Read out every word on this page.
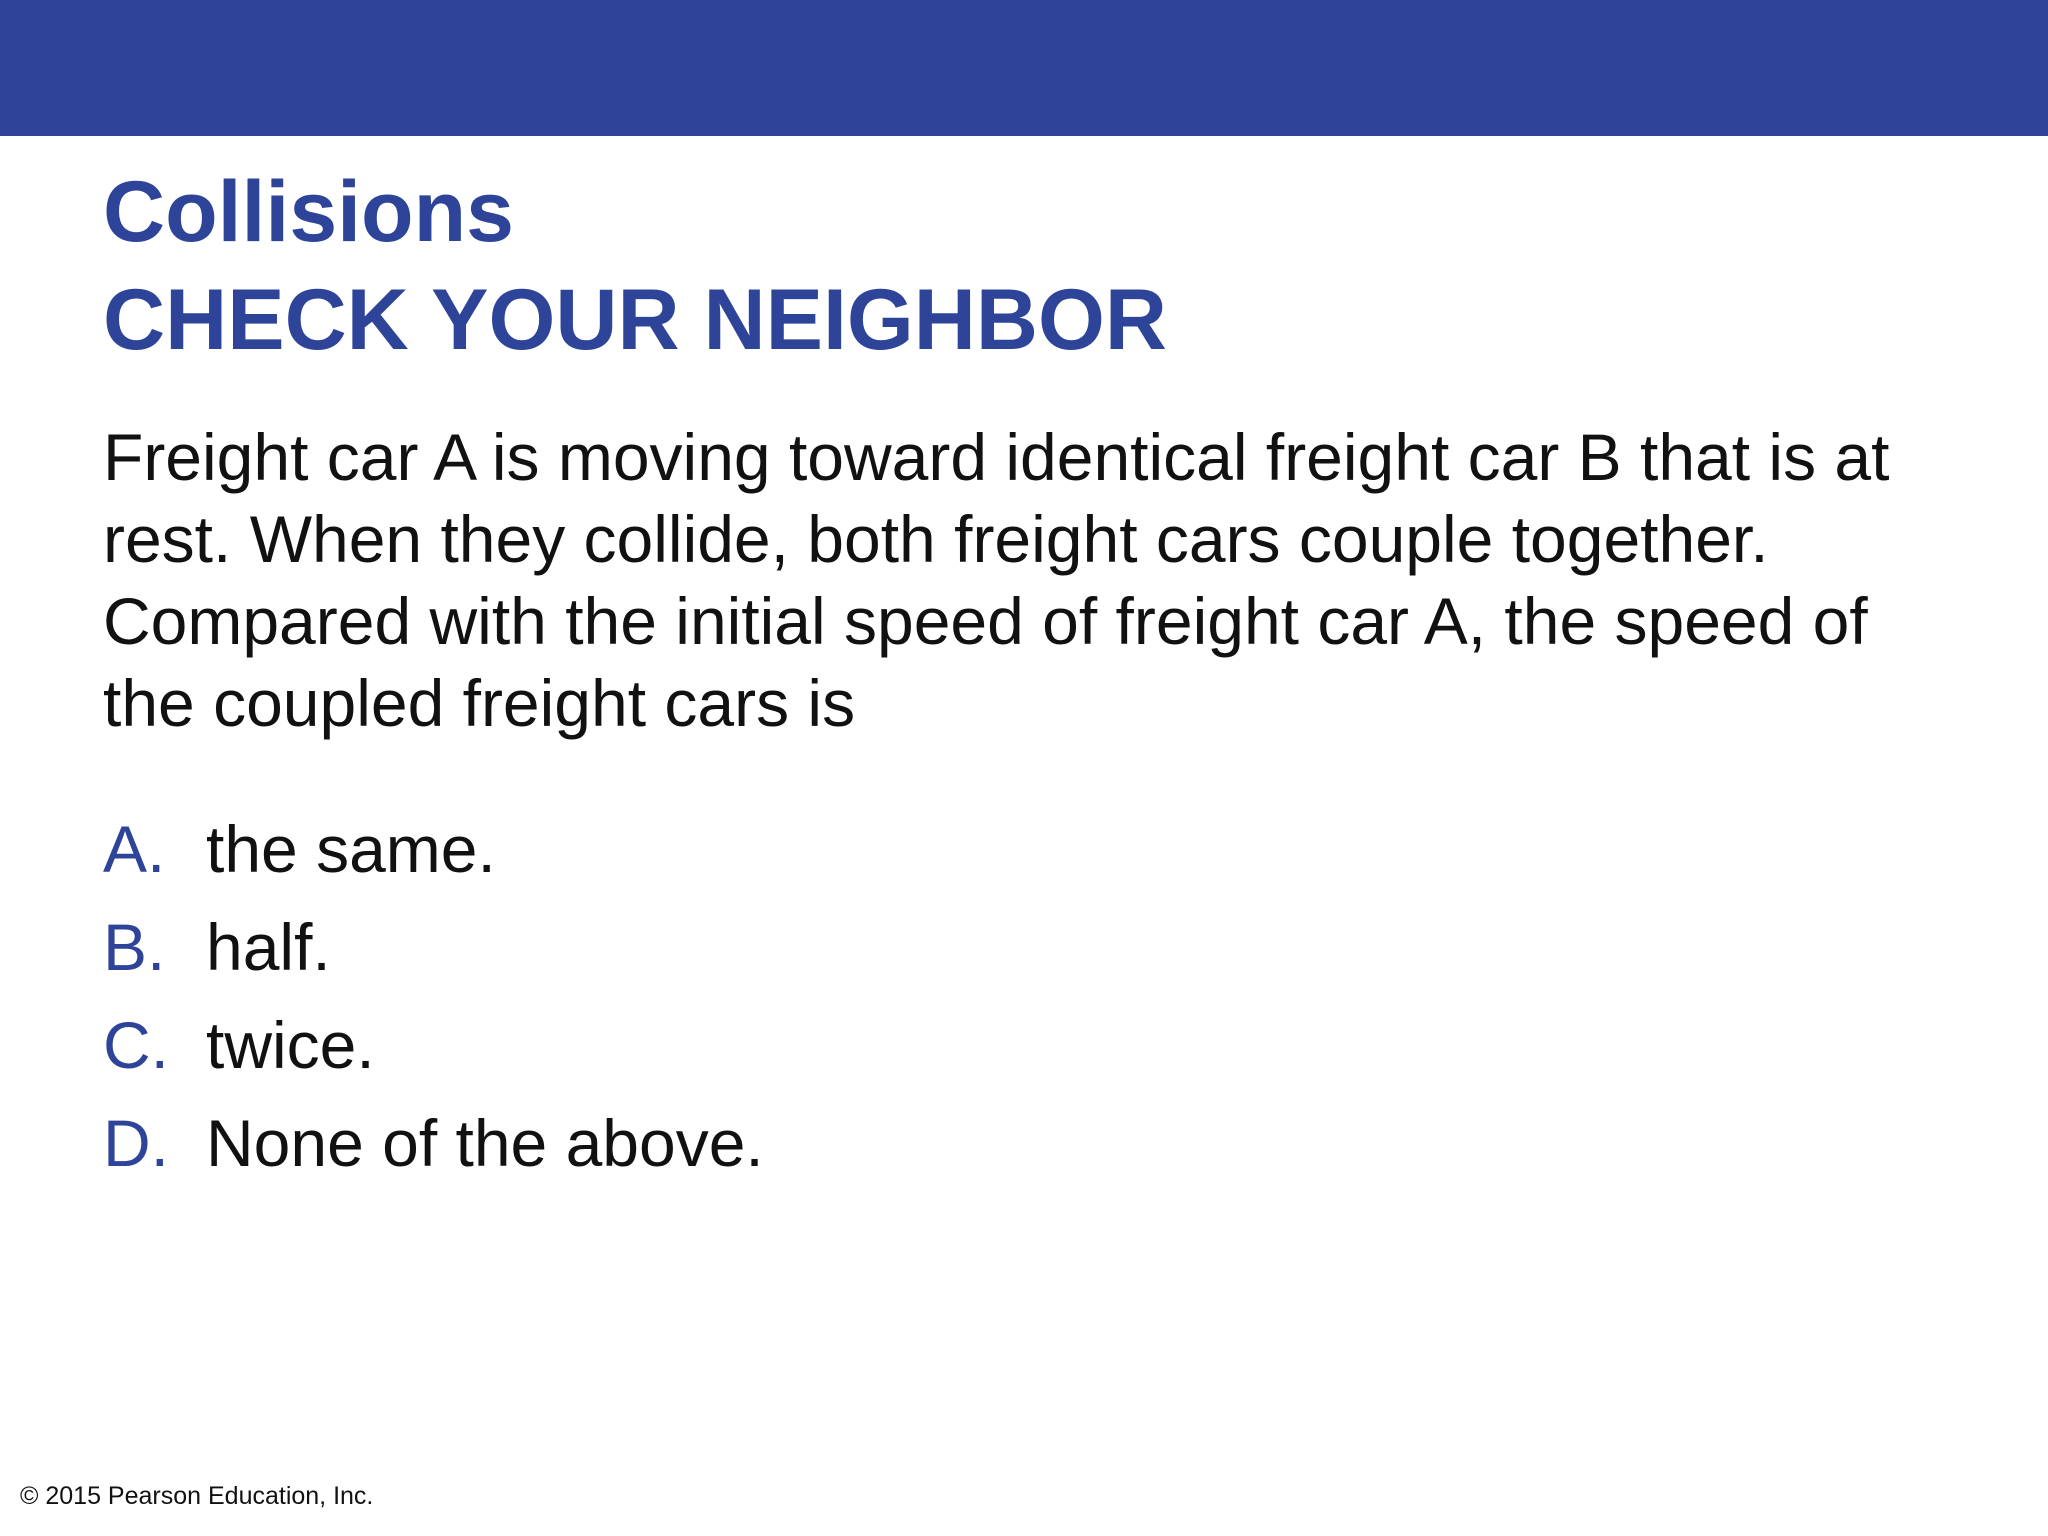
Collisions
CHECK YOUR NEIGHBOR
Freight car A is moving toward identical freight car B that is at rest. When they collide, both freight cars couple together. Compared with the initial speed of freight car A, the speed of the coupled freight cars is
A. the same.
B. half.
C. twice.
D. None of the above.
© 2015 Pearson Education, Inc.
